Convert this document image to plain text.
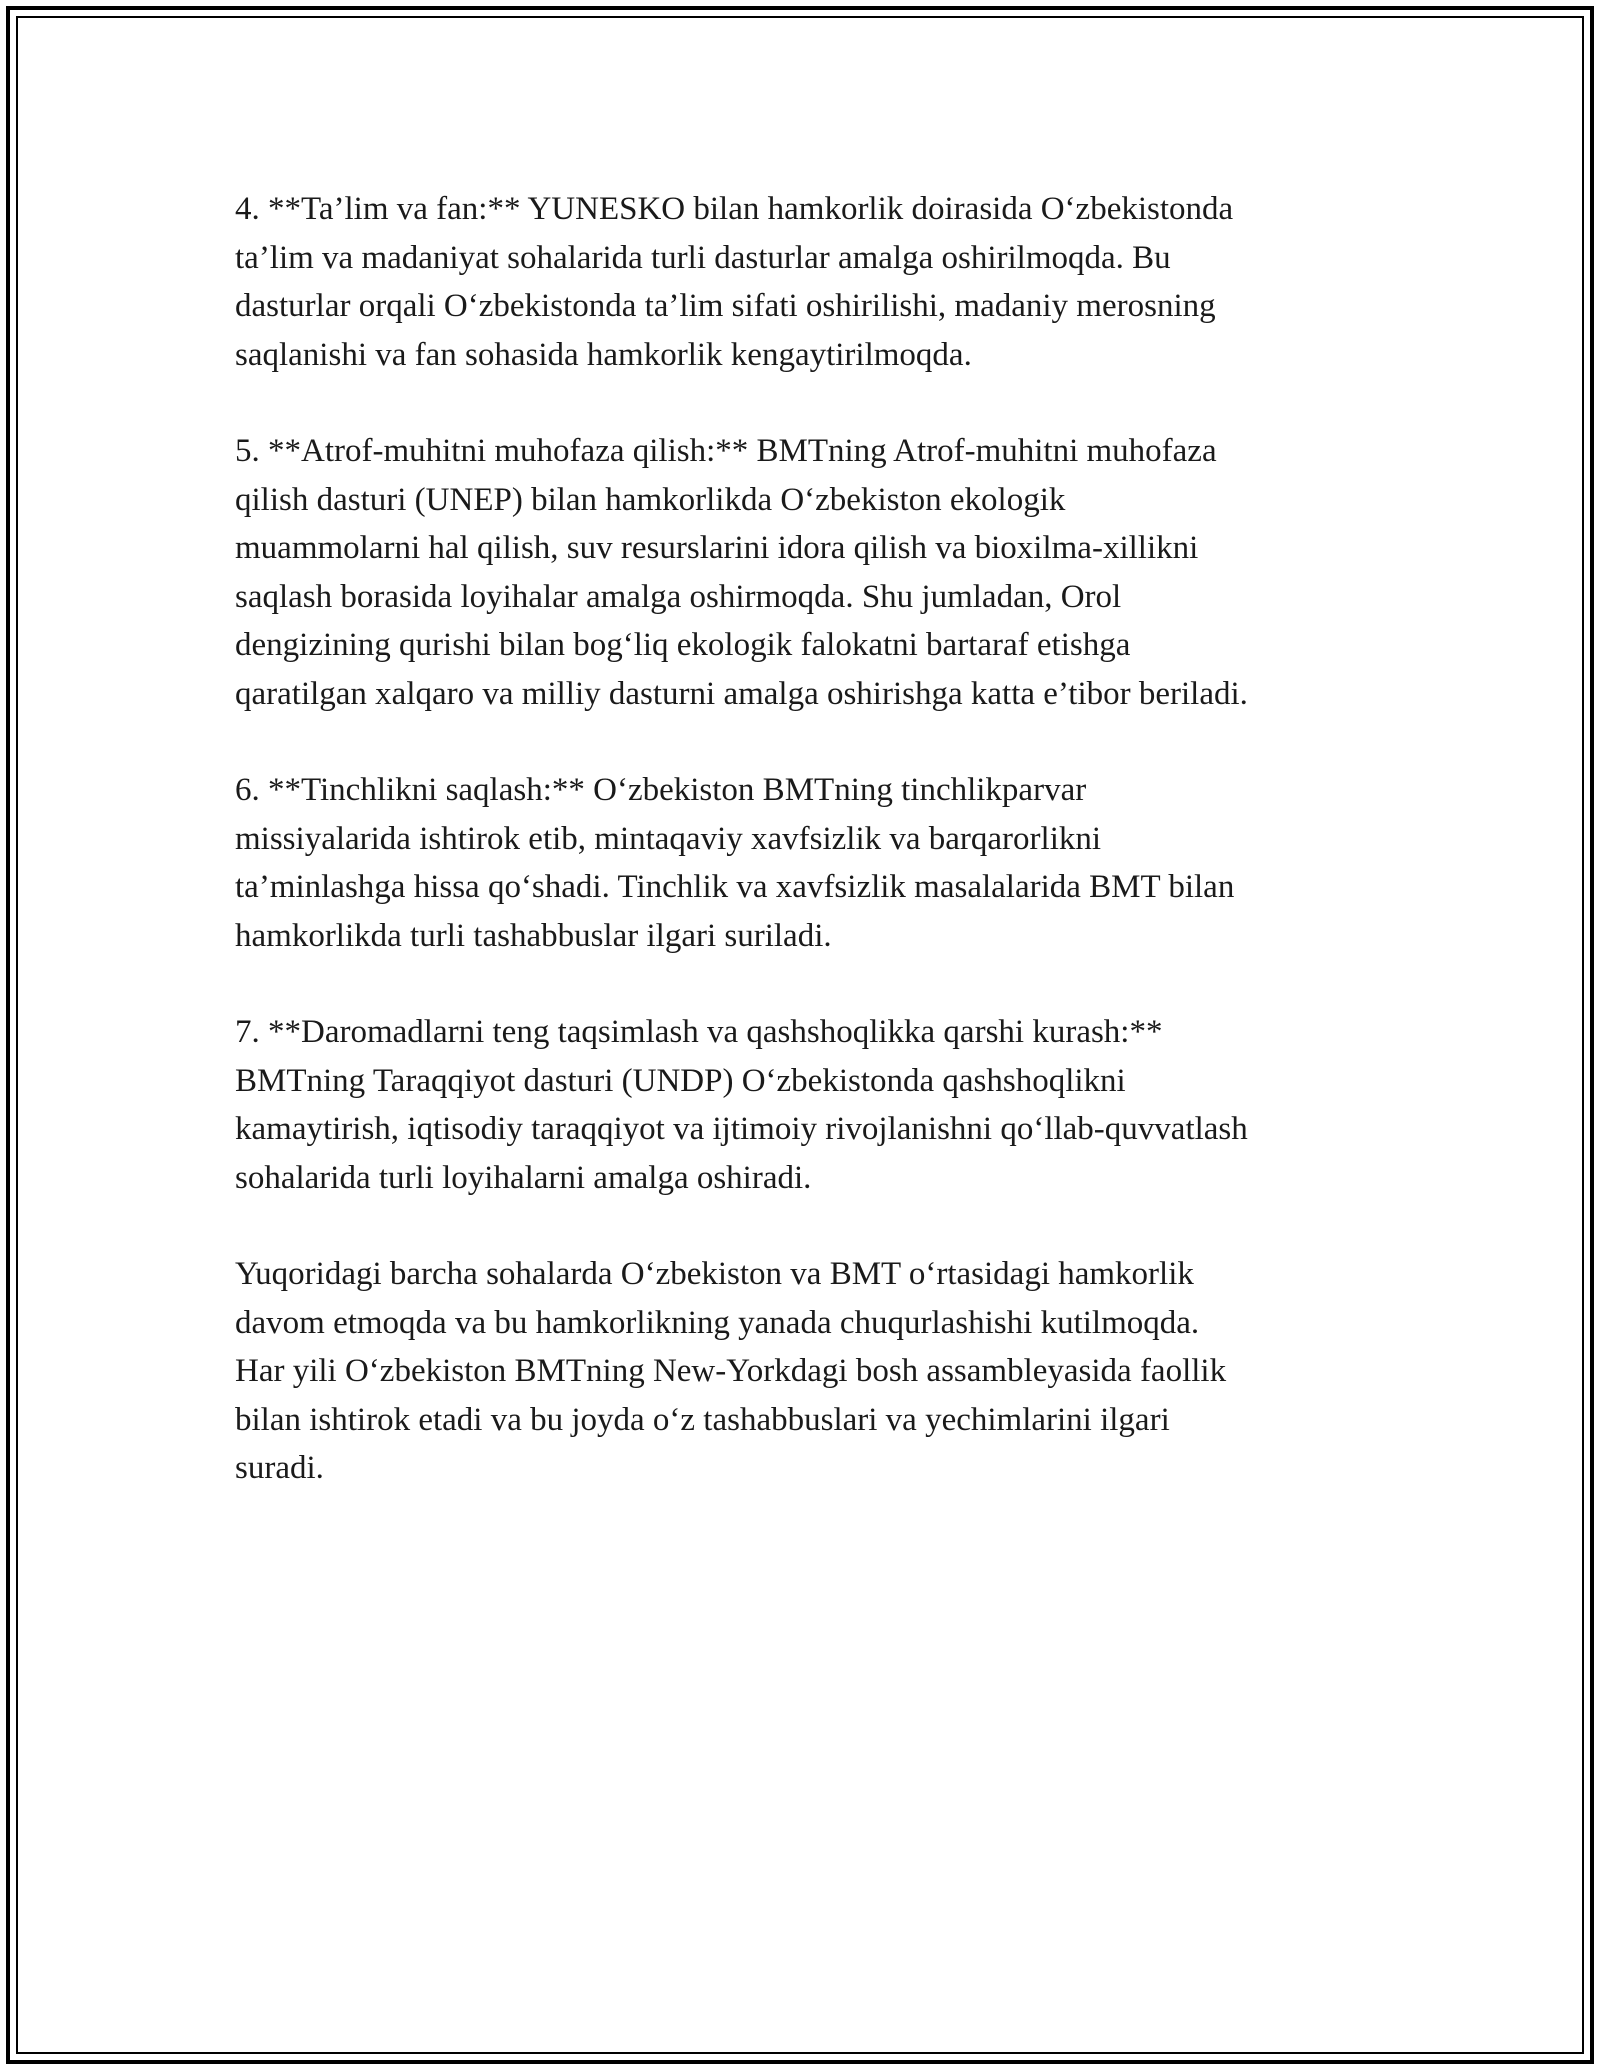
4. **Ta’lim va fan:** YUNESKO bilan hamkorlik doirasida O‘zbekistonda
ta’lim va madaniyat sohalarida turli dasturlar amalga oshirilmoqda. Bu
dasturlar orqali O‘zbekistonda ta’lim sifati oshirilishi, madaniy merosning
saqlanishi va fan sohasida hamkorlik kengaytirilmoqda.

5. **Atrof-muhitni muhofaza qilish:** BMTning Atrof-muhitni muhofaza
qilish dasturi (UNEP) bilan hamkorlikda O‘zbekiston ekologik
muammolarni hal qilish, suv resurslarini idora qilish va bioxilma-xillikni
saqlash borasida loyihalar amalga oshirmoqda. Shu jumladan, Orol
dengizining qurishi bilan bog‘liq ekologik falokatni bartaraf etishga
qaratilgan xalqaro va milliy dasturni amalga oshirishga katta e’tibor beriladi.

6. **Tinchlikni saqlash:** O‘zbekiston BMTning tinchlikparvar
missiyalarida ishtirok etib, mintaqaviy xavfsizlik va barqarorlikni
ta’minlashga hissa qo‘shadi. Tinchlik va xavfsizlik masalalarida BMT bilan
hamkorlikda turli tashabbuslar ilgari suriladi.

7. **Daromadlarni teng taqsimlash va qashshoqlikka qarshi kurash:**
BMTning Taraqqiyot dasturi (UNDP) O‘zbekistonda qashshoqlikni
kamaytirish, iqtisodiy taraqqiyot va ijtimoiy rivojlanishni qo‘llab-quvvatlash
sohalarida turli loyihalarni amalga oshiradi.

Yuqoridagi barcha sohalarda O‘zbekiston va BMT o‘rtasidagi hamkorlik
davom etmoqda va bu hamkorlikning yanada chuqurlashishi kutilmoqda.
Har yili O‘zbekiston BMTning New-Yorkdagi bosh assambleyasida faollik
bilan ishtirok etadi va bu joyda o‘z tashabbuslari va yechimlarini ilgari
suradi.
